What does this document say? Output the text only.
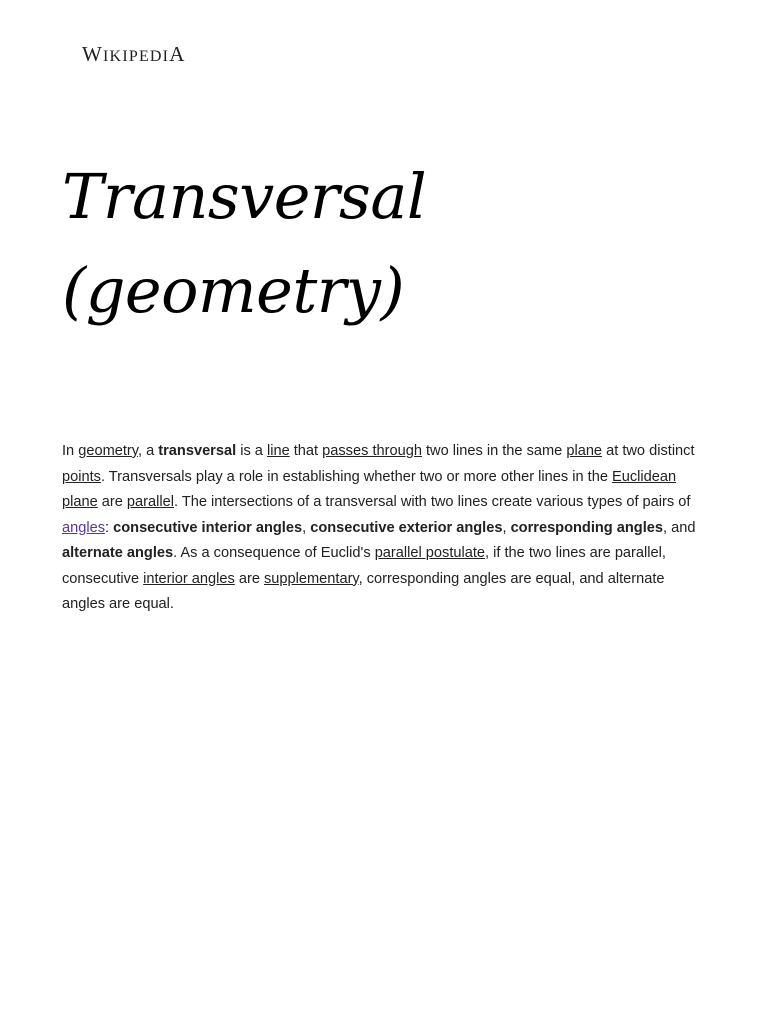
WIKIPEDIA
Transversal (geometry)

In geometry, a transversal is a line that passes through two lines in the same plane at two distinct points. Transversals play a role in establishing whether two or more other lines in the Euclidean plane are parallel. The intersections of a transversal with two lines create various types of pairs of angles: consecutive interior angles, consecutive exterior angles, corresponding angles, and alternate angles. As a consequence of Euclid's parallel postulate, if the two lines are parallel, consecutive interior angles are supplementary, corresponding angles are equal, and alternate angles are equal.
